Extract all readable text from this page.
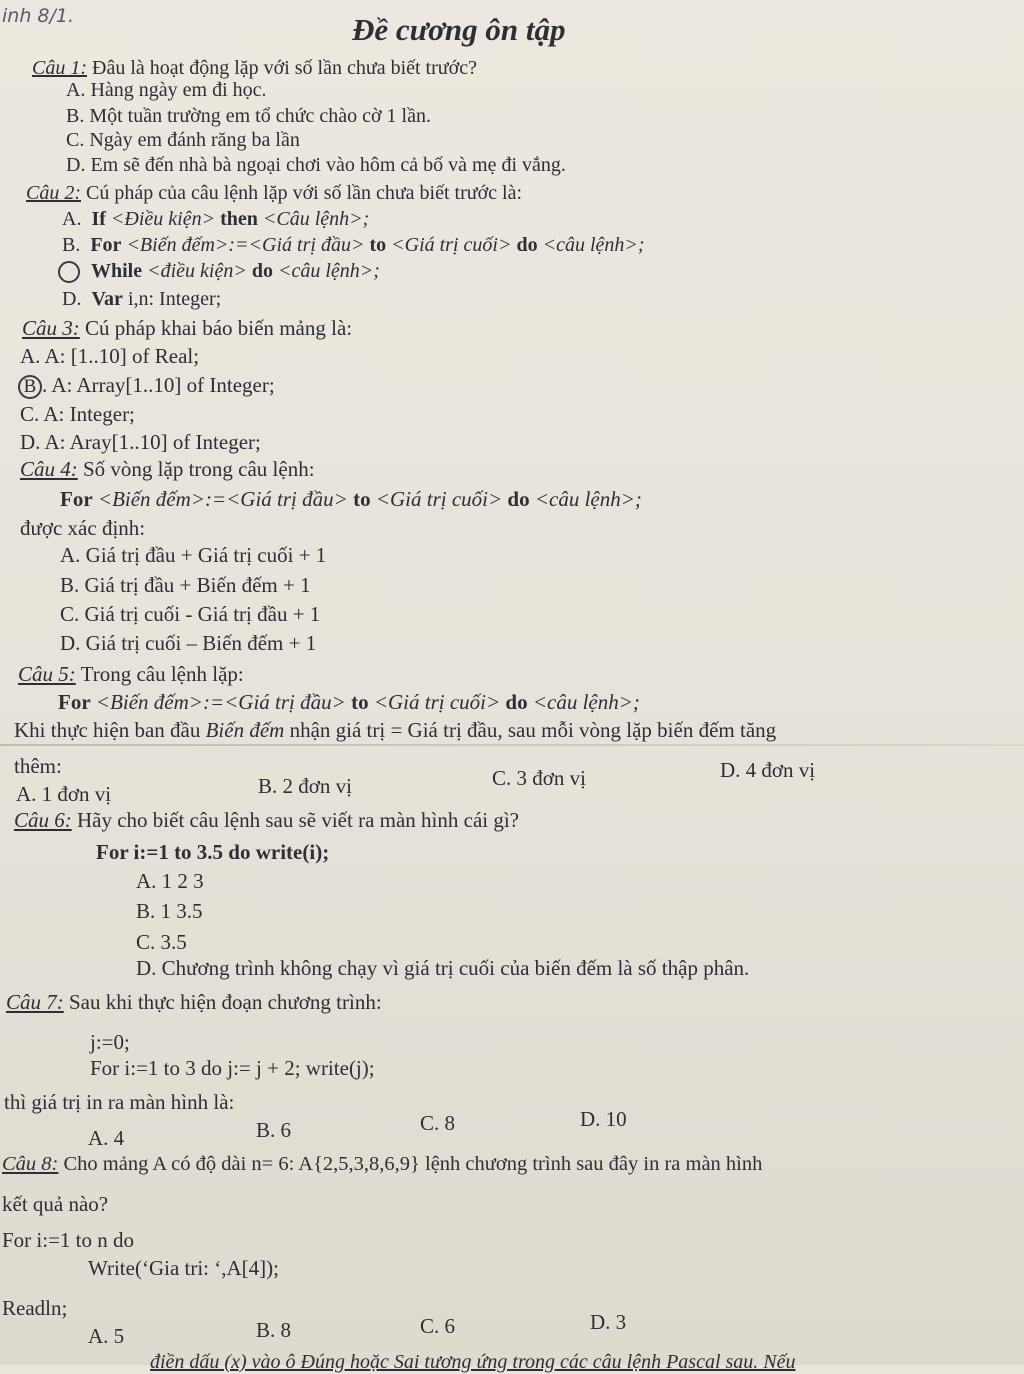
inh 8/1.	Đề cương ôn tập
Câu 1: Đâu là hoạt động lặp với số lần chưa biết trước?
A. Hàng ngày em đi học.
B. Một tuần trường em tổ chức chào cờ 1 lần.
C. Ngày em đánh răng ba lần
D. Em sẽ đến nhà bà ngoại chơi vào hôm cả bố và mẹ đi vắng.
Câu 2: Cú pháp của câu lệnh lặp với số lần chưa biết trước là:
A. If <Điều kiện> then <Câu lệnh>;
B. For <Biến đếm>:=<Giá trị đầu> to <Giá trị cuối> do <câu lệnh>;
While <điều kiện> do <câu lệnh>;
D. Var i,n: Integer;
Câu 3: Cú pháp khai báo biến mảng là:
A. A: [1..10] of Real;
B . A: Array[1..10] of Integer;
C. A: Integer;
D. A: Aray[1..10] of Integer;
Câu 4: Số vòng lặp trong câu lệnh:
For <Biến đếm>:=<Giá trị đầu> to <Giá trị cuối> do <câu lệnh>;
được xác định:
A. Giá trị đầu + Giá trị cuối + 1
B. Giá trị đầu + Biến đếm + 1
C. Giá trị cuối - Giá trị đầu + 1
D. Giá trị cuối – Biến đếm + 1
Câu 5: Trong câu lệnh lặp:
For <Biến đếm>:=<Giá trị đầu> to <Giá trị cuối> do <câu lệnh>;
Khi thực hiện ban đầu Biến đếm nhận giá trị = Giá trị đầu, sau mỗi vòng lặp biến đếm tăng
thêm:
A. 1 đơn vị	B. 2 đơn vị	C. 3 đơn vị	D. 4 đơn vị
Câu 6: Hãy cho biết câu lệnh sau sẽ viết ra màn hình cái gì?
For i:=1 to 3.5 do write(i);
A. 1 2 3
B. 1 3.5
C. 3.5
D. Chương trình không chạy vì giá trị cuối của biến đếm là số thập phân.
Câu 7: Sau khi thực hiện đoạn chương trình:
j:=0;
For i:=1 to 3 do j:= j + 2; write(j);
thì giá trị in ra màn hình là:
A. 4	B. 6	C. 8	D. 10
Câu 8: Cho mảng A có độ dài n= 6: A{2,5,3,8,6,9} lệnh chương trình sau đây in ra màn hình
kết quả nào?
For i:=1 to n do
Write(‘Gia tri: ‘,A[4]);
Readln;
A. 5	B. 8	C. 6	D. 3
điền dấu (x) vào ô Đúng hoặc Sai tương ứng trong các câu lệnh Pascal sau. Nếu
